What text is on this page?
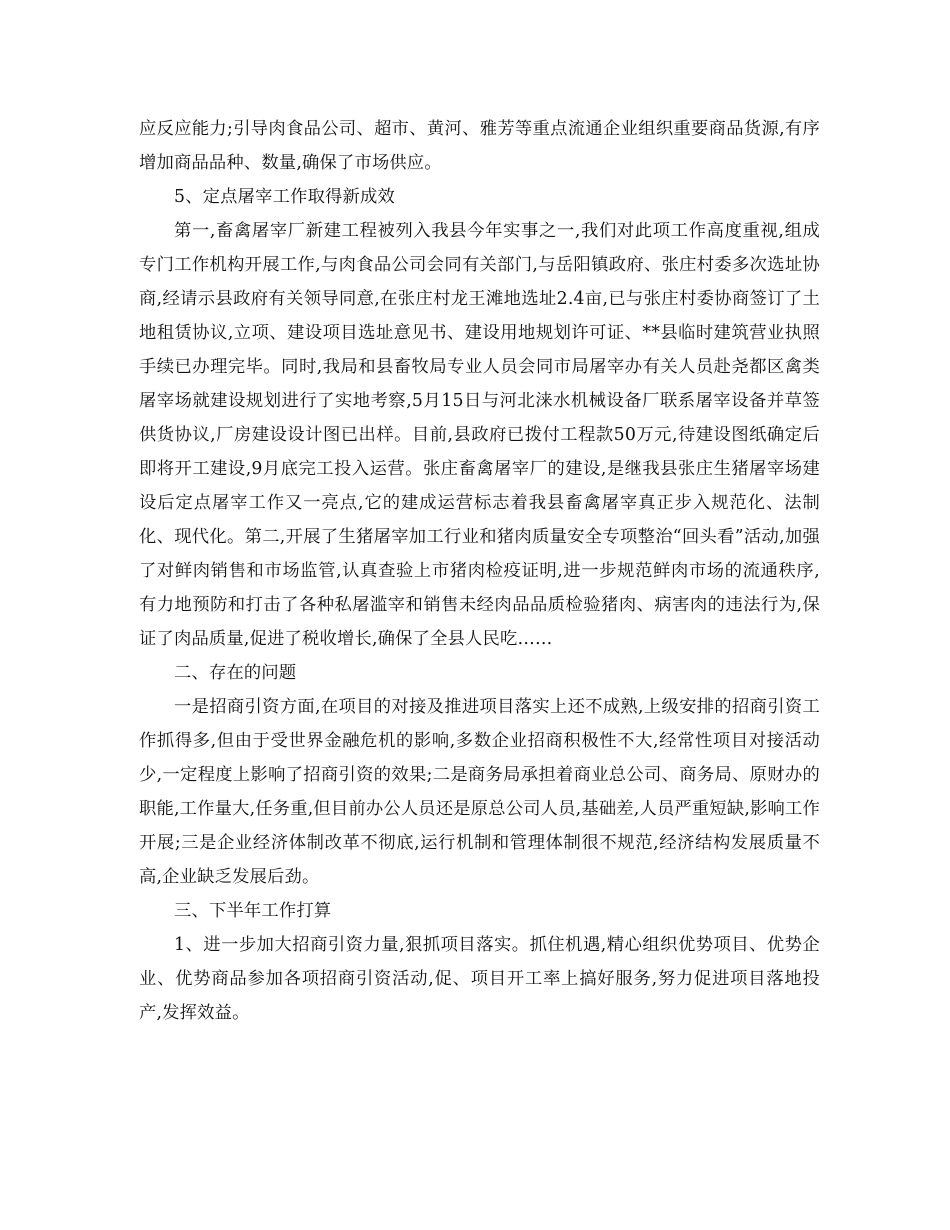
应反应能力;引导肉食品公司、超市、黄河、雅芳等重点流通企业组织重要商品货源,有序增加商品品种、数量,确保了市场供应。

5、定点屠宰工作取得新成效

第一,畜禽屠宰厂新建工程被列入我县今年实事之一,我们对此项工作高度重视,组成专门工作机构开展工作,与肉食品公司会同有关部门,与岳阳镇政府、张庄村委多次选址协商,经请示县政府有关领导同意,在张庄村龙王滩地选址2.4亩,已与张庄村委协商签订了土地租赁协议,立项、建设项目选址意见书、建设用地规划许可证、**县临时建筑营业执照手续已办理完毕。同时,我局和县畜牧局专业人员会同市局屠宰办有关人员赴尧都区禽类屠宰场就建设规划进行了实地考察,5月15日与河北涞水机械设备厂联系屠宰设备并草签供货协议,厂房建设设计图已出样。目前,县政府已拨付工程款50万元,待建设图纸确定后即将开工建设,9月底完工投入运营。张庄畜禽屠宰厂的建设,是继我县张庄生猪屠宰场建设后定点屠宰工作又一亮点,它的建成运营标志着我县畜禽屠宰真正步入规范化、法制化、现代化。第二,开展了生猪屠宰加工行业和猪肉质量安全专项整治“回头看”活动,加强了对鲜肉销售和市场监管,认真查验上市猪肉检疫证明,进一步规范鲜肉市场的流通秩序,有力地预防和打击了各种私屠滥宰和销售未经肉品品质检验猪肉、病害肉的违法行为,保证了肉品质量,促进了税收增长,确保了全县人民吃……

二、存在的问题

一是招商引资方面,在项目的对接及推进项目落实上还不成熟,上级安排的招商引资工作抓得多,但由于受世界金融危机的影响,多数企业招商积极性不大,经常性项目对接活动少,一定程度上影响了招商引资的效果;二是商务局承担着商业总公司、商务局、原财办的职能,工作量大,任务重,但目前办公人员还是原总公司人员,基础差,人员严重短缺,影响工作开展;三是企业经济体制改革不彻底,运行机制和管理体制很不规范,经济结构发展质量不高,企业缺乏发展后劲。

三、下半年工作打算

1、进一步加大招商引资力量,狠抓项目落实。抓住机遇,精心组织优势项目、优势企业、优势商品参加各项招商引资活动,促、项目开工率上搞好服务,努力促进项目落地投产,发挥效益。
